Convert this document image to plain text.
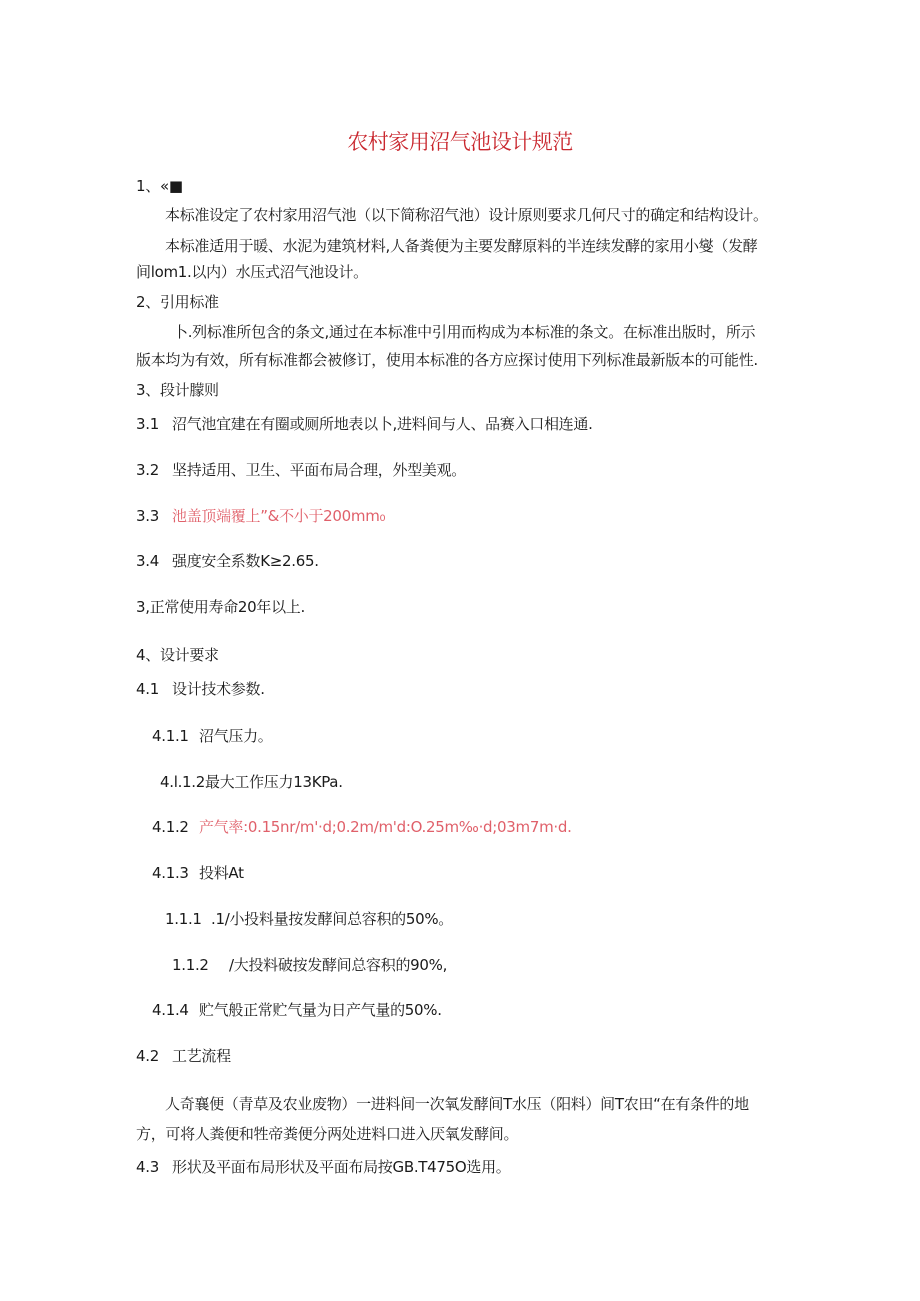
农村家用沼气池设计规范
1、«■
本标准设定了农村家用沼气池（以下简称沼气池）设计原则要求几何尺寸的确定和结构设计。
本标准适用于暖、水泥为建筑材料,人备粪便为主要发酵原料的半连续发酵的家用小燮（发酵
间lom1.以内）水压式沼气池设计。
2、引用标准
卜.列标准所包含的条文,通过在本标准中引用而构成为本标准的条文。在标准出版时，所示
版本均为有效，所有标准都会被修订，使用本标准的各方应探讨使用下列标准最新版本的可能性.
3、段计朦则
3.1 沼气池宜建在有圈或厕所地表以卜,进料间与人、品赛入口相连通.
3.2 坚持适用、卫生、平面布局合理，外型美观。
3.3 池盖顶端覆上”&不小于200mm₀
3.4 强度安全系数K≥2.65.
3,正常使用寿命20年以上.
4、设计要求
4.1 设计技术参数.
4.1.1 沼气压力。
4.l.1.2最大工作压力13KPa.
4.1.2 产气率:0.15nr∕m'·d;0.2m∕m'd:O.25m‰·d;03m7m·d.
4.1.3 投料At
1.1.1 .1/小投料量按发酵间总容积的50%。
1.1.2 /大投料破按发酵间总容积的90%,
4.1.4 贮气般正常贮气量为日产气量的50%.
4.2 工艺流程
人奇襄便（青草及农业废物）一进料间一次氧发酵间T水压（阳料）间T农田“在有条件的地
方，可将人粪便和牲帝粪便分两处进料口进入厌氧发酵间。
4.3 形状及平面布局形状及平面布局按GB.T475O选用。
